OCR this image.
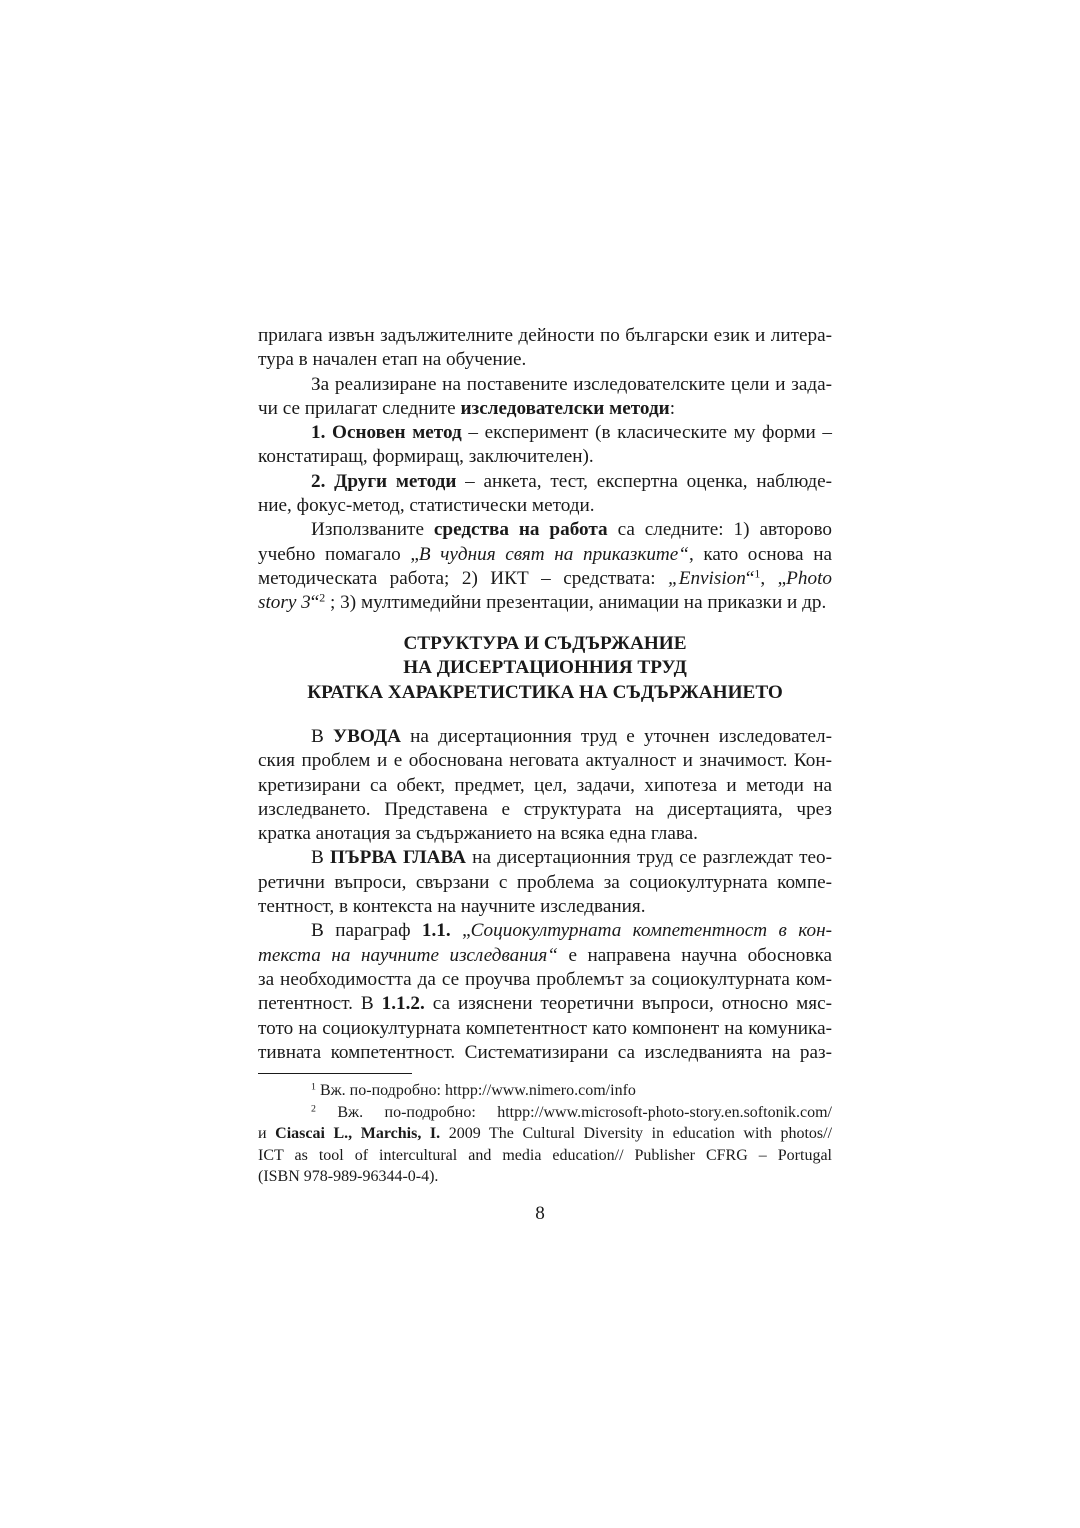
прилага извън задължителните дейности по български език и литера-
тура в начален етап на обучение.
За реализиране на поставените изследователските цели и зада-
чи се прилагат следните изследователски методи:
1. Основен метод – експеримент (в класическите му форми –
констатиращ, формиращ, заключителен).
2. Други методи – анкета, тест, експертна оценка, наблюде-
ние, фокус-метод, статистически методи.
Използваните средства на работа са следните: 1) авторово
учебно помагало „В чудния свят на приказките“, като основа на
методическата работа; 2) ИКТ – средствата: „Envision“$^1$, „Photo
story 3“$^2$ ; 3) мултимедийни презентации, анимации на приказки и др.
СТРУКТУРА И СЪДЪРЖАНИЕ
НА ДИСЕРТАЦИОННИЯ ТРУД
КРАТКА ХАРАКРЕТИСТИКА НА СЪДЪРЖАНИЕТО
В УВОДА на дисертационния труд е уточнен изследовател-
ския проблем и е обоснована неговата актуалност и значимост. Кон-
кретизирани са обект, предмет, цел, задачи, хипотеза и методи на
изследването. Представена е структурата на дисертацията, чрез
кратка анотация за съдържанието на всяка една глава.
В ПЪРВА ГЛАВА на дисертационния труд се разглеждат тео-
ретични въпроси, свързани с проблема за социокултурната компе-
тентност, в контекста на научните изследвания.
В параграф 1.1. „Социокултурната компетентност в кон-
текста на научните изследвания“ е направена научна обосновка
за необходимостта да се проучва проблемът за социокултурната ком-
петентност. В 1.1.2. са изяснени теоретични въпроси, относно мяс-
тото на социокултурната компетентност като компонент на комуника-
тивната компетентност. Систематизирани са изследванията на раз-
$^1$ Вж. по-подробно: httpp://www.nimero.com/info
$^2$ Вж. по-подробно: httpp://www.microsoft-photo-story.en.softonik.com/
и Ciascai L., Marchis, I. 2009 The Cultural Diversity in education with photos//
ICT as tool of intercultural and media education// Publisher CFRG – Portugal
(ISBN 978-989-96344-0-4).
8
